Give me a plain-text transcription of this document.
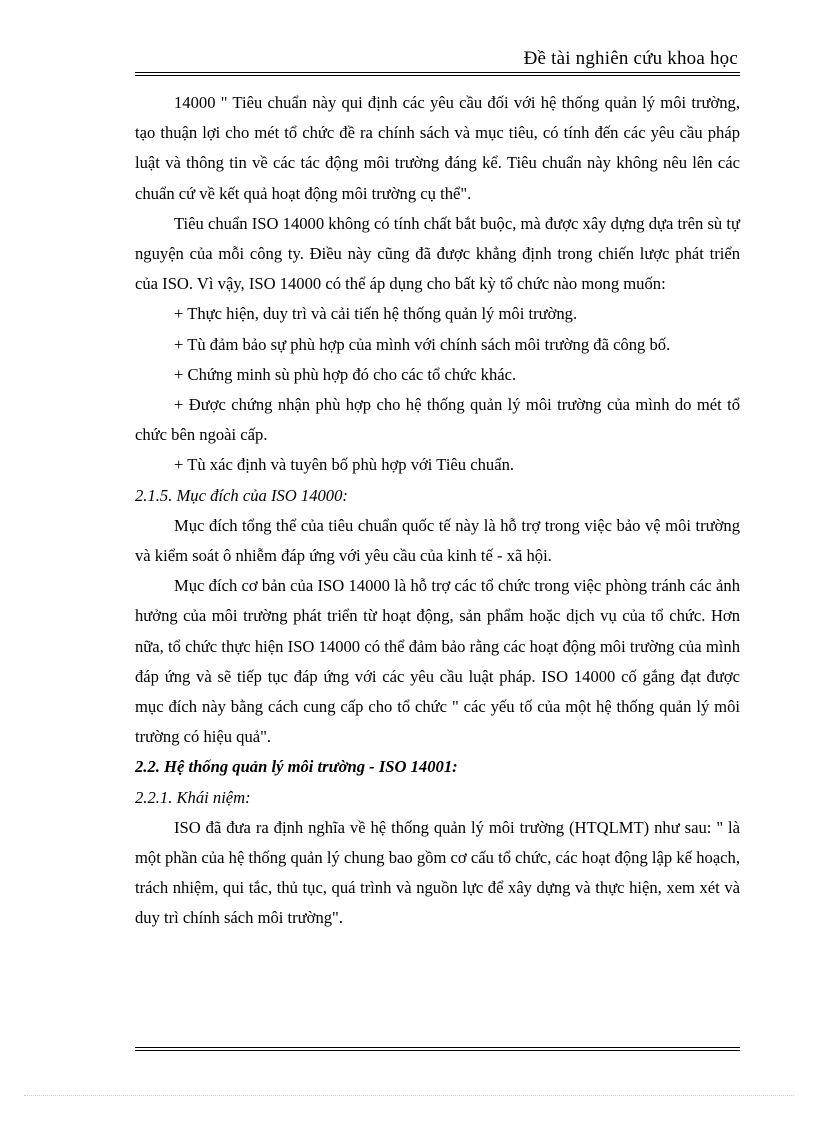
Đề tài nghiên cứu khoa học

14000 " Tiêu chuẩn này qui định các yêu cầu đối với hệ thống quản lý môi trường, tạo thuận lợi cho mét tổ chức đề ra chính sách và mục tiêu, có tính đến các yêu cầu pháp luật và thông tin về các tác động môi trường đáng kể. Tiêu chuẩn này không nêu lên các chuẩn cứ về kết quả hoạt động môi trường cụ thể".

Tiêu chuẩn ISO 14000 không có tính chất bắt buộc, mà được xây dựng dựa trên sù tự nguyện của mỗi công ty. Điều này cũng đã được khẳng định trong chiến lược phát triển của ISO. Vì vậy, ISO 14000 có thể áp dụng cho bất kỳ tổ chức nào mong muốn:

+ Thực hiện, duy trì và cải tiến hệ thống quản lý môi trường.

+ Tù đảm bảo sự phù hợp của mình với chính sách môi trường đã công bố.

+ Chứng minh sù phù hợp đó cho các tổ chức khác.

+ Được chứng nhận phù hợp cho hệ thống quản lý môi trường của mình do mét tổ chức bên ngoài cấp.

+ Tù xác định và tuyên bố phù hợp với Tiêu chuẩn.

2.1.5. Mục đích của ISO 14000:

Mục đích tổng thể của tiêu chuẩn quốc tế này là hỗ trợ trong việc bảo vệ môi trường và kiểm soát ô nhiễm đáp ứng với yêu cầu của kinh tế - xã hội.

Mục đích cơ bản của ISO 14000 là hỗ trợ các tổ chức trong việc phòng tránh các ảnh hưởng của môi trường phát triển từ hoạt động, sản phẩm hoặc dịch vụ của tổ chức. Hơn nữa, tổ chức thực hiện ISO 14000 có thể đảm bảo rằng các hoạt động môi trường của mình đáp ứng và sẽ tiếp tục đáp ứng với các yêu cầu luật pháp. ISO 14000 cố gắng đạt được mục đích này bằng cách cung cấp cho tổ chức " các yếu tố của một hệ thống quản lý môi trường có hiệu quả".

2.2. Hệ thống quản lý môi trường - ISO 14001:

2.2.1. Khái niệm:

ISO đã đưa ra định nghĩa về hệ thống quản lý môi trường (HTQLMT) như sau: " là một phần của hệ thống quản lý chung bao gồm cơ cấu tổ chức, các hoạt động lập kế hoạch, trách nhiệm, qui tắc, thủ tục, quá trình và nguồn lực để xây dựng và thực hiện, xem xét và duy trì chính sách môi trường".
